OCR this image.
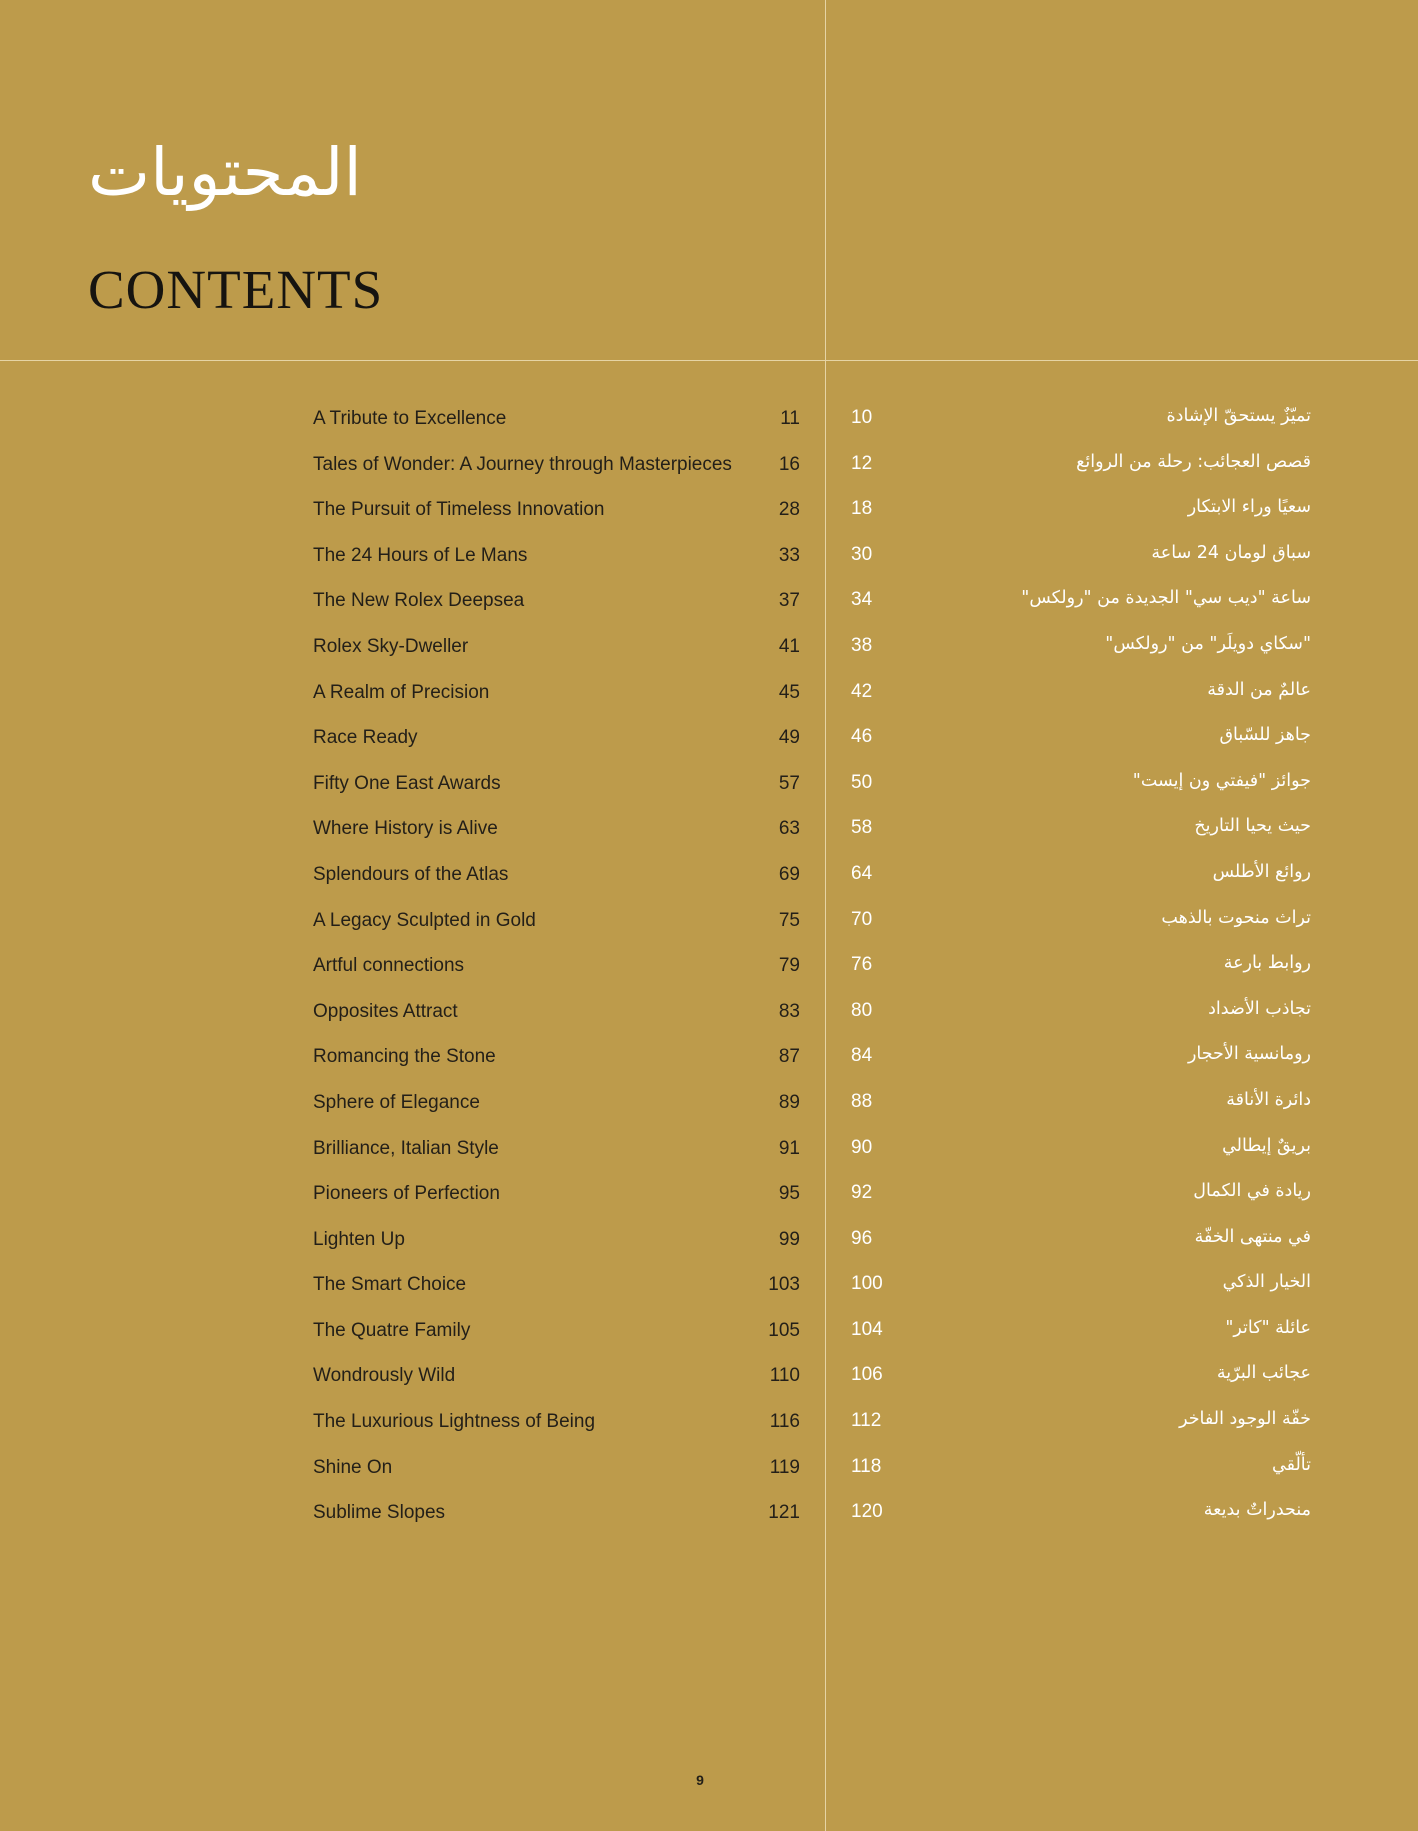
المحتويات
CONTENTS
A Tribute to Excellence	11	10	تميّزٌ يستحقّ الإشادة
Tales of Wonder: A Journey through Masterpieces	16	12	قصص العجائب: رحلة من الروائع
The Pursuit of Timeless Innovation	28	18	سعيًا وراء الابتكار
The 24 Hours of Le Mans	33	30	سباق لومان 24 ساعة
The New Rolex Deepsea	37	34	ساعة "ديب سي" الجديدة من "رولكس"
Rolex Sky-Dweller	41	38	"سكاي دويلَر" من "رولكس"
A Realm of Precision	45	42	عالمٌ من الدقة
Race Ready	49	46	جاهز للسّباق
Fifty One East Awards	57	50	جوائز "فيفتي ون إيست"
Where History is Alive	63	58	حيث يحيا التاريخ
Splendours of the Atlas	69	64	روائع الأطلس
A Legacy Sculpted in Gold	75	70	تراث منحوت بالذهب
Artful connections	79	76	روابط بارعة
Opposites Attract	83	80	تجاذب الأضداد
Romancing the Stone	87	84	رومانسية الأحجار
Sphere of Elegance	89	88	دائرة الأناقة
Brilliance, Italian Style	91	90	بريقٌ إيطالي
Pioneers of Perfection	95	92	ريادة في الكمال
Lighten Up	99	96	في منتهى الخفّة
The Smart Choice	103	100	الخيار الذكي
The Quatre Family	105	104	عائلة "كاتر"
Wondrously Wild	110	106	عجائب البرّية
The Luxurious Lightness of Being	116	112	خفّة الوجود الفاخر
Shine On	119	118	تألّقي
Sublime Slopes	121	120	منحدراتٌ بديعة
9
